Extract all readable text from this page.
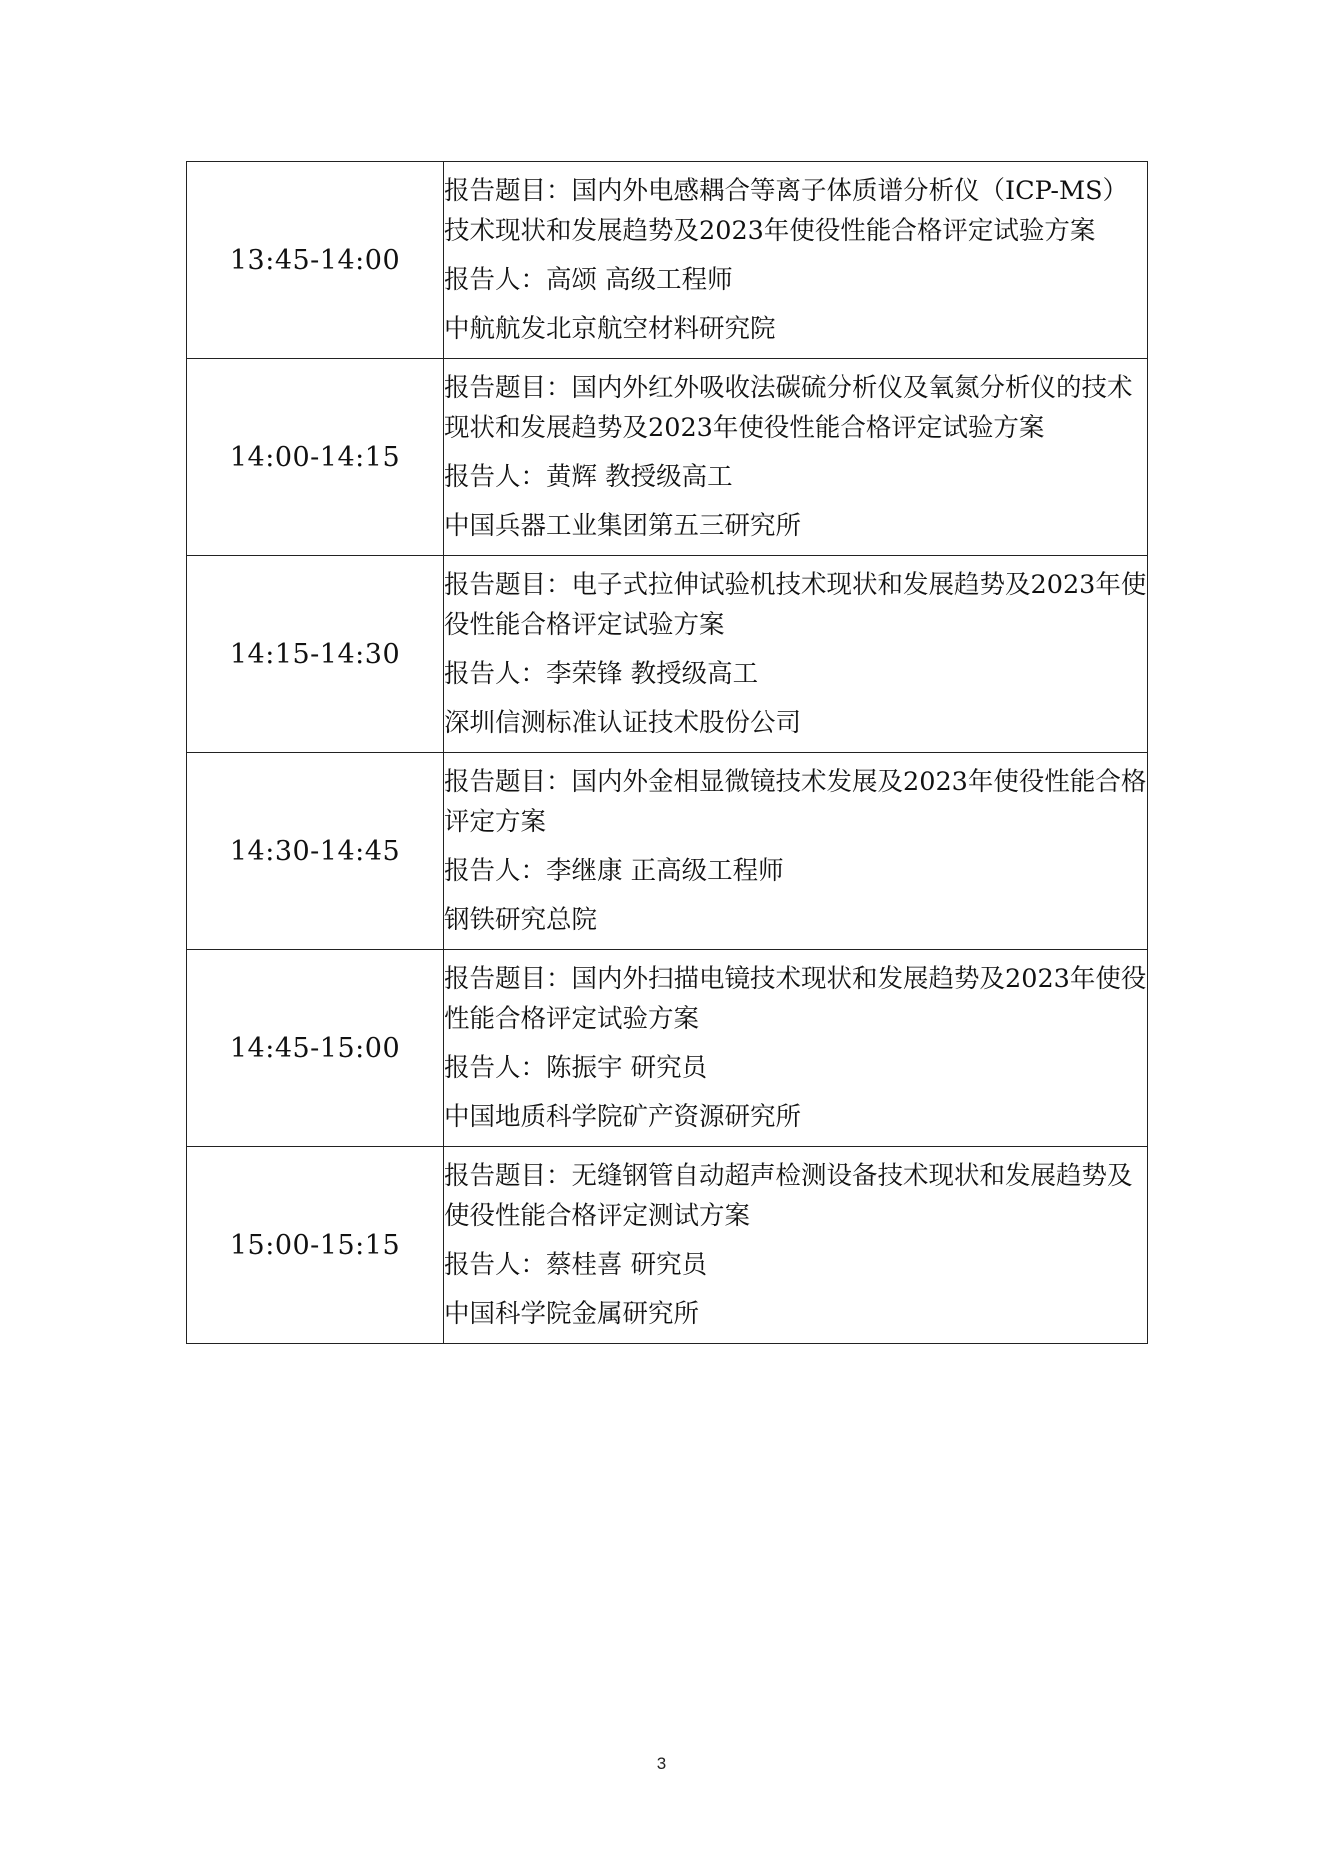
13:45-14:00	报告题目：国内外电感耦合等离子体质谱分析仪（ICP-MS）技术现状和发展趋势及2023年使役性能合格评定试验方案
报告人：高颂 高级工程师
中航航发北京航空材料研究院

14:00-14:15	报告题目：国内外红外吸收法碳硫分析仪及氧氮分析仪的技术现状和发展趋势及2023年使役性能合格评定试验方案
报告人：黄辉 教授级高工
中国兵器工业集团第五三研究所

14:15-14:30	报告题目：电子式拉伸试验机技术现状和发展趋势及2023年使役性能合格评定试验方案
报告人：李荣锋 教授级高工
深圳信测标准认证技术股份公司

14:30-14:45	报告题目：国内外金相显微镜技术发展及2023年使役性能合格评定方案
报告人：李继康 正高级工程师
钢铁研究总院

14:45-15:00	报告题目：国内外扫描电镜技术现状和发展趋势及2023年使役性能合格评定试验方案
报告人：陈振宇 研究员
中国地质科学院矿产资源研究所

15:00-15:15	报告题目：无缝钢管自动超声检测设备技术现状和发展趋势及使役性能合格评定测试方案
报告人：蔡桂喜 研究员
中国科学院金属研究所
3
